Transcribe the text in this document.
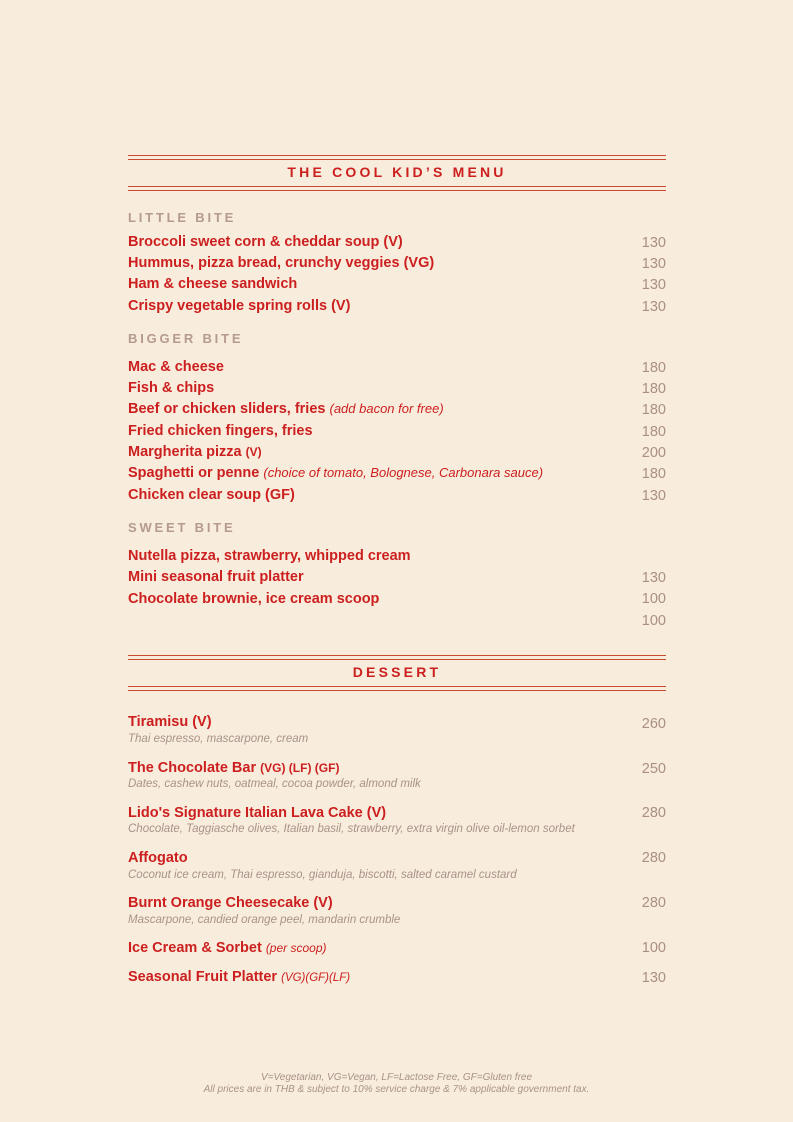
THE COOL KID’S MENU
LITTLE BITE
Broccoli sweet corn & cheddar soup (V)	130
Hummus, pizza bread, crunchy veggies (VG)	130
Ham & cheese sandwich	130
Crispy vegetable spring rolls (V)	130
BIGGER BITE
Mac & cheese	180
Fish & chips	180
Beef or chicken sliders, fries (add bacon for free)	180
Fried chicken fingers, fries	180
Margherita pizza (V)	200
Spaghetti or penne (choice of tomato, Bolognese, Carbonara sauce)	180
Chicken clear soup (GF)	130
SWEET BITE
Nutella pizza, strawberry, whipped cream
Mini seasonal fruit platter	130
Chocolate brownie, ice cream scoop	100
100
DESSERT
Tiramisu (V)	260
Thai espresso, mascarpone, cream
The Chocolate Bar (VG) (LF) (GF)	250
Dates, cashew nuts, oatmeal, cocoa powder, almond milk
Lido's Signature Italian Lava Cake (V)	280
Chocolate, Taggiasche olives, Italian basil, strawberry, extra virgin olive oil-lemon sorbet
Affogato	280
Coconut ice cream, Thai espresso, gianduja, biscotti, salted caramel custard
Burnt Orange Cheesecake (V)	280
Mascarpone, candied orange peel, mandarin crumble
Ice Cream & Sorbet (per scoop)	100
Seasonal Fruit Platter (VG)(GF)(LF)	130
V=Vegetarian, VG=Vegan, LF=Lactose Free, GF=Gluten free
All prices are in THB & subject to 10% service charge & 7% applicable government tax.
